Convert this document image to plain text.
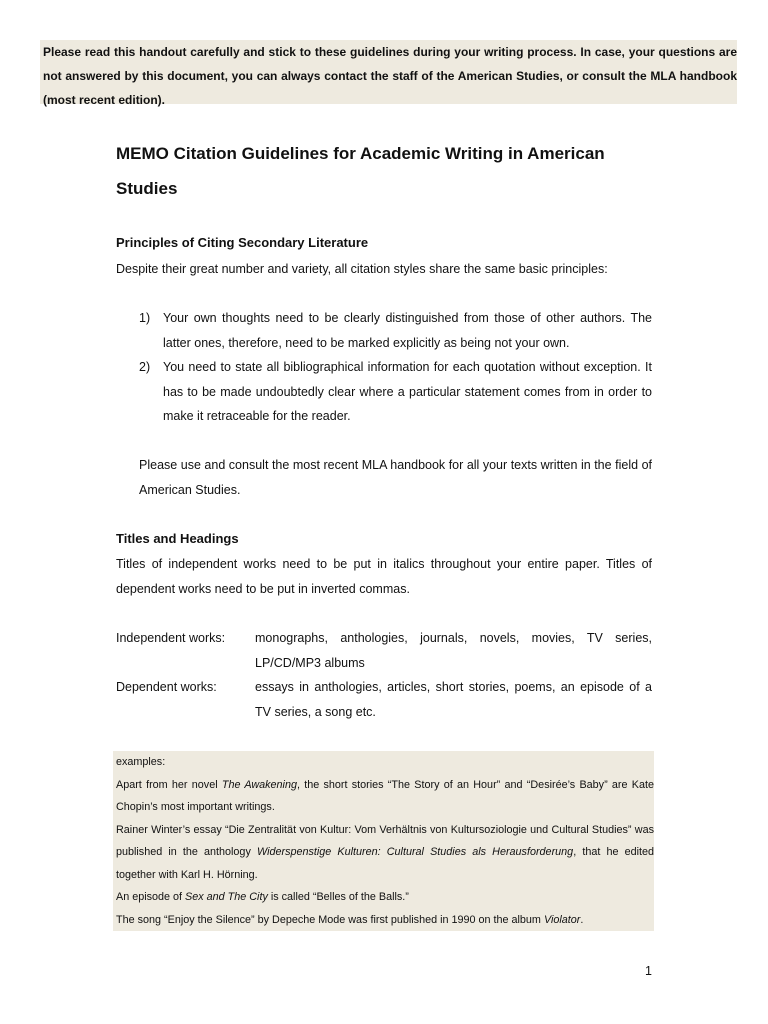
Please read this handout carefully and stick to these guidelines during your writing process. In case, your questions are not answered by this document, you can always contact the staff of the American Studies, or consult the MLA handbook (most recent edition).
MEMO Citation Guidelines for Academic Writing in American Studies
Principles of Citing Secondary Literature

Despite their great number and variety, all citation styles share the same basic principles:

1) Your own thoughts need to be clearly distinguished from those of other authors. The latter ones, therefore, need to be marked explicitly as being not your own.
2) You need to state all bibliographical information for each quotation without exception. It has to be made undoubtedly clear where a particular statement comes from in order to make it retraceable for the reader.

Please use and consult the most recent MLA handbook for all your texts written in the field of American Studies.

Titles and Headings

Titles of independent works need to be put in italics throughout your entire paper. Titles of dependent works need to be put in inverted commas.

Independent works: monographs, anthologies, journals, novels, movies, TV series, LP/CD/MP3 albums
Dependent works:	essays in anthologies, articles, short stories, poems, an episode of a TV series, a song etc.

examples:

Apart from her novel The Awakening, the short stories “The Story of an Hour” and “Desirée’s Baby” are Kate Chopin’s most important writings.

Rainer Winter’s essay “Die Zentralität von Kultur: Vom Verhältnis von Kultursoziologie und Cultural Studies” was published in the anthology Widerspenstige Kulturen: Cultural Studies als Herausforderung, that he edited together with Karl H. Hörning.

An episode of Sex and The City is called “Belles of the Balls.”

The song “Enjoy the Silence” by Depeche Mode was first published in 1990 on the album Violator.

1
